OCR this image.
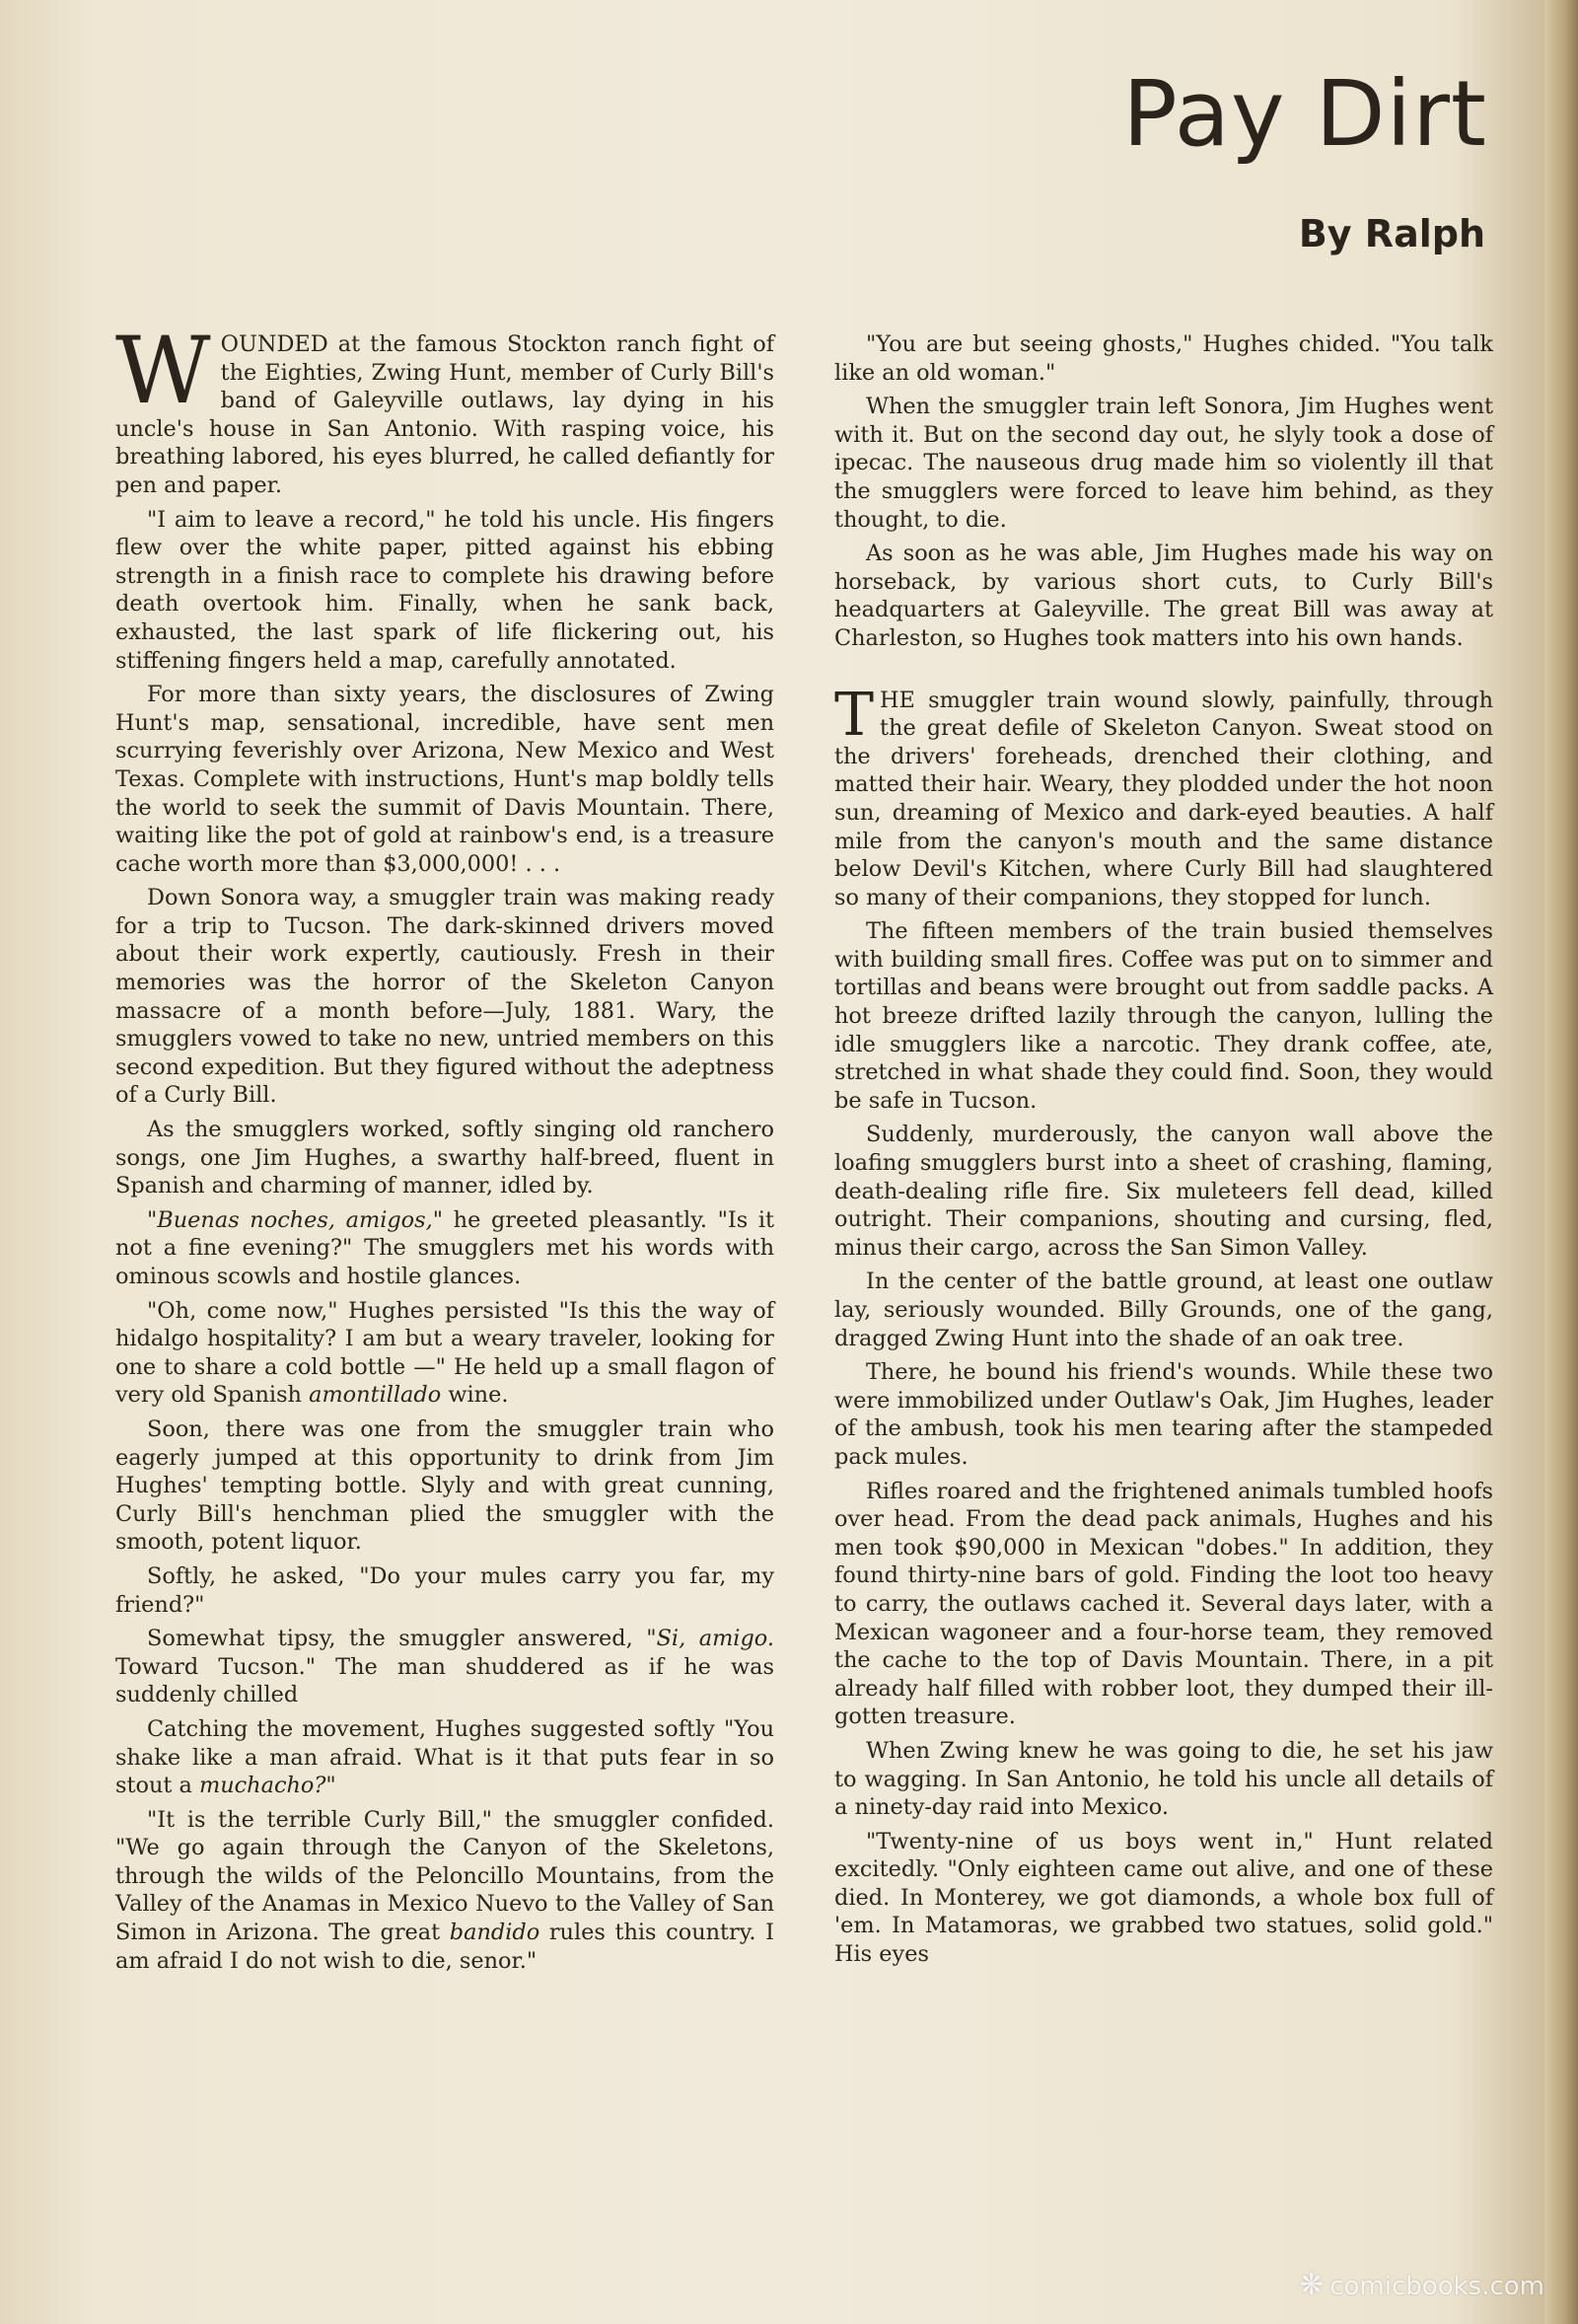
Pay Dirt
By Ralph

WOUNDED at the famous Stockton ranch fight of the Eighties, Zwing Hunt, member of Curly Bill's band of Galeyville outlaws, lay dying in his uncle's house in San Antonio. With rasping voice, his breathing labored, his eyes blurred, he called defiantly for pen and paper.

"I aim to leave a record," he told his uncle. His fingers flew over the white paper, pitted against his ebbing strength in a finish race to complete his drawing before death overtook him. Finally, when he sank back, exhausted, the last spark of life flickering out, his stiffening fingers held a map, carefully annotated.

For more than sixty years, the disclosures of Zwing Hunt's map, sensational, incredible, have sent men scurrying feverishly over Arizona, New Mexico and West Texas. Complete with instructions, Hunt's map boldly tells the world to seek the summit of Davis Mountain. There, waiting like the pot of gold at rainbow's end, is a treasure cache worth more than $3,000,000! . . .

Down Sonora way, a smuggler train was making ready for a trip to Tucson. The dark-skinned drivers moved about their work expertly, cautiously. Fresh in their memories was the horror of the Skeleton Canyon massacre of a month before—July, 1881. Wary, the smugglers vowed to take no new, untried members on this second expedition. But they figured without the adeptness of a Curly Bill.

As the smugglers worked, softly singing old ranchero songs, one Jim Hughes, a swarthy half-breed, fluent in Spanish and charming of manner, idled by.

"Buenas noches, amigos," he greeted pleasantly. "Is it not a fine evening?" The smugglers met his words with ominous scowls and hostile glances.

"Oh, come now," Hughes persisted "Is this the way of hidalgo hospitality? I am but a weary traveler, looking for one to share a cold bottle —" He held up a small flagon of very old Spanish amontillado wine.

Soon, there was one from the smuggler train who eagerly jumped at this opportunity to drink from Jim Hughes' tempting bottle. Slyly and with great cunning, Curly Bill's henchman plied the smuggler with the smooth, potent liquor.

Softly, he asked, "Do your mules carry you far, my friend?"

Somewhat tipsy, the smuggler answered, "Si, amigo. Toward Tucson." The man shuddered as if he was suddenly chilled

Catching the movement, Hughes suggested softly "You shake like a man afraid. What is it that puts fear in so stout a muchacho?"

"It is the terrible Curly Bill," the smuggler confided. "We go again through the Canyon of the Skeletons, through the wilds of the Peloncillo Mountains, from the Valley of the Anamas in Mexico Nuevo to the Valley of San Simon in Arizona. The great bandido rules this country. I am afraid I do not wish to die, senor."

"You are but seeing ghosts," Hughes chided. "You talk like an old woman."

When the smuggler train left Sonora, Jim Hughes went with it. But on the second day out, he slyly took a dose of ipecac. The nauseous drug made him so violently ill that the smugglers were forced to leave him behind, as they thought, to die.

As soon as he was able, Jim Hughes made his way on horseback, by various short cuts, to Curly Bill's headquarters at Galeyville. The great Bill was away at Charleston, so Hughes took matters into his own hands.

THE smuggler train wound slowly, painfully, through the great defile of Skeleton Canyon. Sweat stood on the drivers' foreheads, drenched their clothing, and matted their hair. Weary, they plodded under the hot noon sun, dreaming of Mexico and dark-eyed beauties. A half mile from the canyon's mouth and the same distance below Devil's Kitchen, where Curly Bill had slaughtered so many of their companions, they stopped for lunch.

The fifteen members of the train busied themselves with building small fires. Coffee was put on to simmer and tortillas and beans were brought out from saddle packs. A hot breeze drifted lazily through the canyon, lulling the idle smugglers like a narcotic. They drank coffee, ate, stretched in what shade they could find. Soon, they would be safe in Tucson.

Suddenly, murderously, the canyon wall above the loafing smugglers burst into a sheet of crashing, flaming, death-dealing rifle fire. Six muleteers fell dead, killed outright. Their companions, shouting and cursing, fled, minus their cargo, across the San Simon Valley.

In the center of the battle ground, at least one outlaw lay, seriously wounded. Billy Grounds, one of the gang, dragged Zwing Hunt into the shade of an oak tree.

There, he bound his friend's wounds. While these two were immobilized under Outlaw's Oak, Jim Hughes, leader of the ambush, took his men tearing after the stampeded pack mules.

Rifles roared and the frightened animals tumbled hoofs over head. From the dead pack animals, Hughes and his men took $90,000 in Mexican "dobes." In addition, they found thirty-nine bars of gold. Finding the loot too heavy to carry, the outlaws cached it. Several days later, with a Mexican wagoneer and a four-horse team, they removed the cache to the top of Davis Mountain. There, in a pit already half filled with robber loot, they dumped their ill-gotten treasure.

When Zwing knew he was going to die, he set his jaw to wagging. In San Antonio, he told his uncle all details of a ninety-day raid into Mexico.

"Twenty-nine of us boys went in," Hunt related excitedly. "Only eighteen came out alive, and one of these died. In Monterey, we got diamonds, a whole box full of 'em. In Matamoras, we grabbed two statues, solid gold." His eyes

❋ comicbooks.com
